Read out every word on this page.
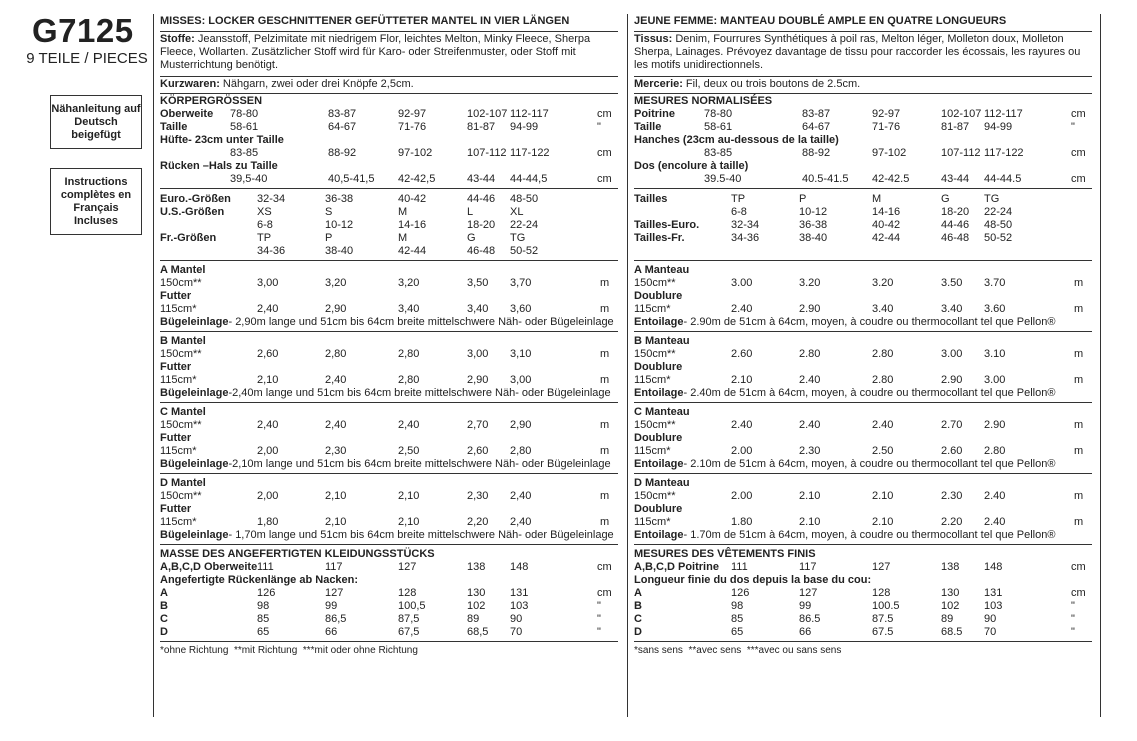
G7125
9 TEILE / PIECES
Nähanleitung auf Deutsch beigefügt
Instructions complètes en Français Incluses
MISSES: LOCKER GESCHNITTENER GEFÜTTETER MANTEL IN VIER LÄNGEN
Stoffe: Jeansstoff, Pelzimitate mit niedrigem Flor, leichtes Melton, Minky Fleece, Sherpa Fleece, Wollarten. Zusätzlicher Stoff wird für Karo- oder Streifenmuster, oder Stoff mit Musterrichtung benötigt.
Kurzwaren: Nähgarn, zwei oder drei Knöpfe 2,5cm.
KÖRPERGRÖSSEN
Oberweite 78-80	83-87	92-97	102-107 112-117	cm
Taille	58-61	64-67	71-76	81-87 94-99	"
Hüfte- 23cm unter Taille
83-85	88-92	97-102	107-112 117-122	cm
Rücken –Hals zu Taille
39,5-40	40,5-41,5 42-42,5	43-44 44-44,5	cm
Euro.-Größen 32-34	36-38	40-42	44-46 48-50
U.S.-Größen	XS	S	M	L	XL
6-8	10-12	14-16	18-20 22-24
Fr.-Größen	TP	P	M	G	TG
34-36	38-40	42-44	46-48 50-52
A Mantel
150cm**	3,00	3,20	3,20	3,50 3,70	m
Futter
115cm*	2,40	2,90	3,40	3,40 3,60	m
Bügeleinlage- 2,90m lange und 51cm bis 64cm breite mittelschwere Näh- oder Bügeleinlage
B Mantel
150cm**	2,60	2,80	2,80	3,00 3,10	m
Futter
115cm*	2,10	2,40	2,80	2,90 3,00	m
Bügeleinlage-2,40m lange und 51cm bis 64cm breite mittelschwere Näh- oder Bügeleinlage
C Mantel
150cm**	2,40	2,40	2,40	2,70 2,90	m
Futter
115cm*	2,00	2,30	2,50	2,60 2,80	m
Bügeleinlage-2,10m lange und 51cm bis 64cm breite mittelschwere Näh- oder Bügeleinlage
D Mantel
150cm**	2,00	2,10	2,10	2,30 2,40	m
Futter
115cm*	1,80	2,10	2,10	2,20 2,40	m
Bügeleinlage- 1,70m lange und 51cm bis 64cm breite mittelschwere Näh- oder Bügeleinlage
MASSE DES ANGEFERTIGTEN KLEIDUNGSSTÜCKS
A,B,C,D Oberweite 111	117	127	138 148	cm
Angefertigte Rückenlänge ab Nacken:
A	126	127	128	130 131	cm
B	98	99	100,5	102 103	"
C	85	86,5	87,5	89	90	"
D	65	66	67,5	68,5 70	"
*ohne Richtung  **mit Richtung  ***mit oder ohne Richtung
JEUNE FEMME: MANTEAU DOUBLÉ AMPLE EN QUATRE LONGUEURS
Tissus: Denim, Fourrures Synthétiques à poil ras, Melton léger, Molleton doux, Molleton Sherpa, Lainages. Prévoyez davantage de tissu pour raccorder les écossais, les rayures ou les motifs unidirectionnels.
Mercerie: Fil, deux ou trois boutons de 2.5cm.
MESURES NORMALISÉES
Poitrine	78-80	83-87	92-97	102-107 112-117	cm
Taille	58-61	64-67	71-76	81-87 94-99	"
Hanches (23cm au-dessous de la taille)
83-85	88-92	97-102	107-112 117-122	cm
Dos (encolure à taille)
39.5-40	40.5-41.5 42-42.5	43-44 44-44.5	cm
Tailles	TP	P	M	G	TG
6-8	10-12	14-16	18-20 22-24
Tailles-Euro.	32-34	36-38	40-42	44-46 48-50
Tailles-Fr.	34-36	38-40	42-44	46-48 50-52
A Manteau
150cm**	3.00	3.20	3.20	3.50 3.70	m
Doublure
115cm*	2.40	2.90	3.40	3.40 3.60	m
Entoilage- 2.90m de 51cm à 64cm, moyen, à coudre ou thermocollant tel que Pellon®
B Manteau
150cm**	2.60	2.80	2.80	3.00 3.10	m
Doublure
115cm*	2.10	2.40	2.80	2.90 3.00	m
Entoilage- 2.40m de 51cm à 64cm, moyen, à coudre ou thermocollant tel que Pellon®
C Manteau
150cm**	2.40	2.40	2.40	2.70 2.90	m
Doublure
115cm*	2.00	2.30	2.50	2.60 2.80	m
Entoilage- 2.10m de 51cm à 64cm, moyen, à coudre ou thermocollant tel que Pellon®
D Manteau
150cm**	2.00	2.10	2.10	2.30 2.40	m
Doublure
115cm*	1.80	2.10	2.10	2.20 2.40	m
Entoilage- 1.70m de 51cm à 64cm, moyen, à coudre ou thermocollant tel que Pellon®
MESURES DES VÊTEMENTS FINIS
A,B,C,D Poitrine 111	117	127	138 148	cm
Longueur finie du dos depuis la base du cou:
A	126	127	128	130 131	cm
B	98	99	100.5	102 103	"
C	85	86.5	87.5	89	90	"
D	65	66	67.5	68.5 70	"
*sans sens  **avec sens  ***avec ou sans sens
